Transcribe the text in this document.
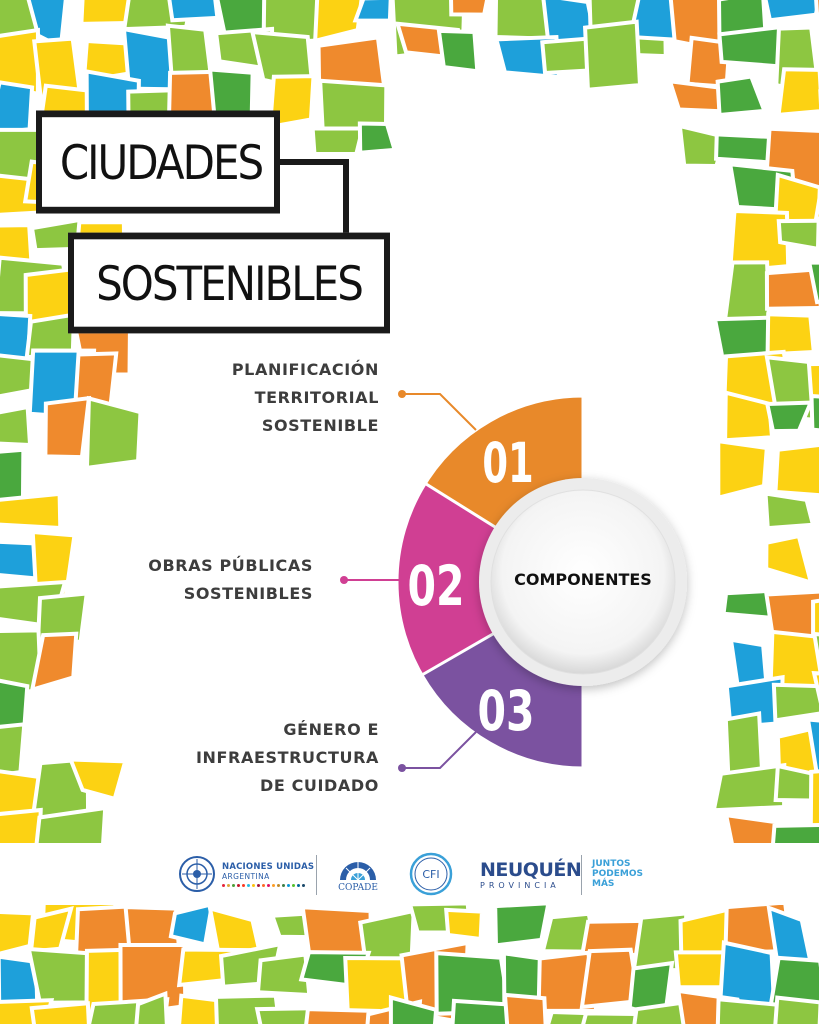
CIUDADES
SOSTENIBLES
PLANIFICACIÓN
TERRITORIAL
SOSTENIBLE
OBRAS PÚBLICAS
SOSTENIBLES
GÉNERO E
INFRAESTRUCTURA
DE CUIDADO
01
02
03
COMPONENTES
NACIONES UNIDAS
ARGENTINA
COPADE
CFI NEUQUÉN
PROVINCIA
JUNTOS
PODEMOS
MÁS
